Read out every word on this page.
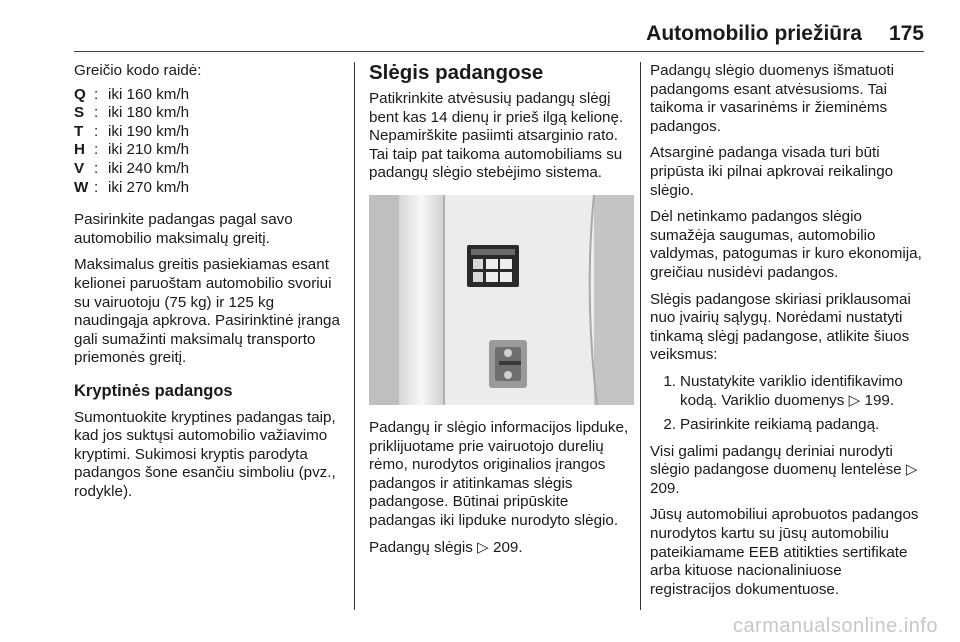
Automobilio priežiūra 175
Greičio kodo raidė:
Q : iki 160 km/h
S : iki 180 km/h
T : iki 190 km/h
H : iki 210 km/h
V : iki 240 km/h
W : iki 270 km/h

Pasirinkite padangas pagal savo automobilio maksimalų greitį.

Maksimalus greitis pasiekiamas esant kelionei paruoštam automobilio svoriui su vairuotoju (75 kg) ir 125 kg naudingąja apkrova. Pasirinktinė įranga gali sumažinti maksimalų transporto priemonės greitį.

Kryptinės padangos

Sumontuokite kryptines padangas taip, kad jos suktųsi automobilio važiavimo kryptimi. Sukimosi kryptis parodyta padangos šone esančiu simboliu (pvz., rodykle).

Slėgis padangose

Patikrinkite atvėsusių padangų slėgį bent kas 14 dienų ir prieš ilgą kelionę. Nepamirškite pasiimti atsarginio rato. Tai taip pat taikoma automobiliams su padangų slėgio stebėjimo sistema.

Padangų ir slėgio informacijos lipduke, priklijuotame prie vairuotojo durelių rėmo, nurodytos originalios įrangos padangos ir atitinkamas slėgis padangose. Būtinai pripūskite padangas iki lipduke nurodyto slėgio.

Padangų slėgis ▷ 209.

Padangų slėgio duomenys išmatuoti padangoms esant atvėsusioms. Tai taikoma ir vasarinėms ir žieminėms padangos.

Atsarginė padanga visada turi būti pripūsta iki pilnai apkrovai reikalingo slėgio.

Dėl netinkamo padangos slėgio sumažėja saugumas, automobilio valdymas, patogumas ir kuro ekonomija, greičiau nusidėvi padangos.

Slėgis padangose skiriasi priklausomai nuo įvairių sąlygų. Norėdami nustatyti tinkamą slėgį padangose, atlikite šiuos veiksmus:

1. Nustatykite variklio identifikavimo kodą. Variklio duomenys ▷ 199.
2. Pasirinkite reikiamą padangą.

Visi galimi padangų deriniai nurodyti slėgio padangose duomenų lentelėse ▷ 209.

Jūsų automobiliui aprobuotos padangos nurodytos kartu su jūsų automobiliu pateikiamame EEB atitikties sertifikate arba kituose nacionaliniuose registracijos dokumentuose.

carmanualsonline.info
